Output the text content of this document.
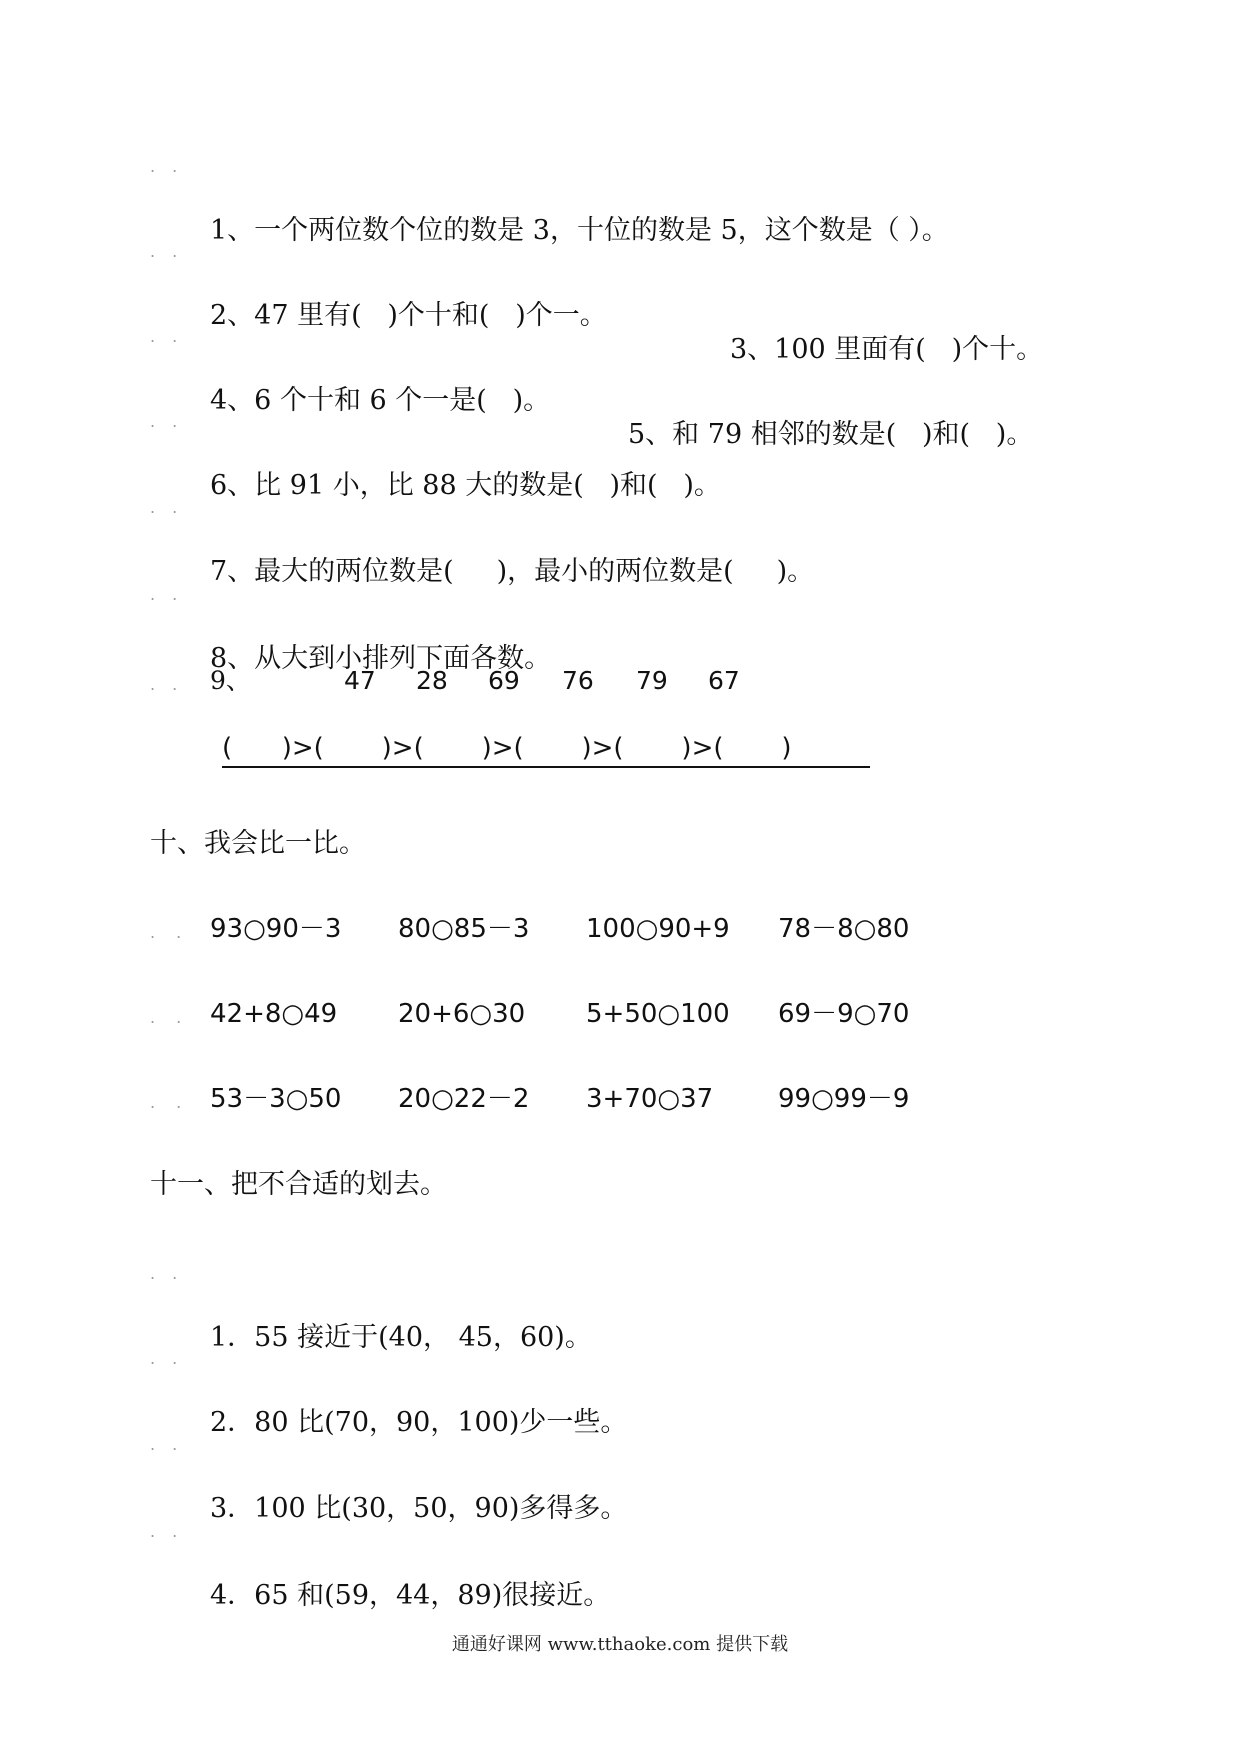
. .

1、一个两位数个位的数是 3，十位的数是 5，这个数是（ ）。

. .

2、47 里有(   )个十和(   )个一。

3、100 里面有(   )个十。

. .

4、6 个十和 6 个一是(   )。

5、和 79 相邻的数是(   )和(   )。

. .

6、比 91 小，比 88 大的数是(   )和(   )。

. .

7、最大的两位数是(     )，最小的两位数是(     )。

. .

8、从大到小排列下面各数。

. . 9、	47 28 69 76 79 67
(      )>(       )>(       )>(       )>(       )>(       )
十、我会比一比。
. . 93○90－3 80○85－3 100○90+9 78－8○80
. . 42+8○49 20+6○30 5+50○100 69－9○70
. . 53－3○50 20○22－2 3+70○37 99○99－9
十一、把不合适的划去。

. .

1．55 接近于(40， 45，60)。

. .

2．80 比(70，90，100)少一些。

. .

3．100 比(30，50，90)多得多。

. .

4．65 和(59，44，89)很接近。

通通好课网 www.tthaoke.com 提供下载
